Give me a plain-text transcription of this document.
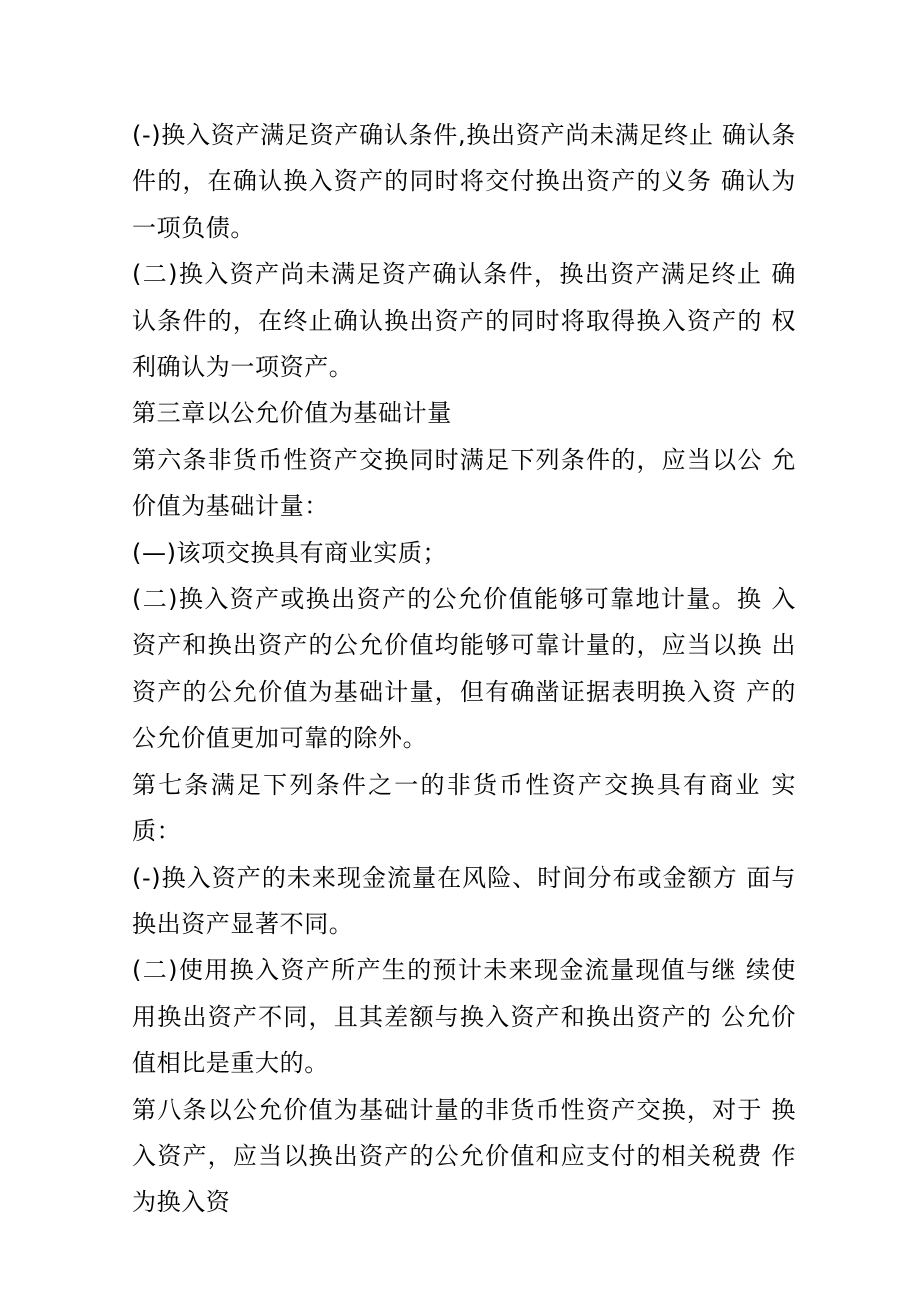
(-)换入资产满足资产确认条件,换出资产尚未满足终止 确认条件的，在确认换入资产的同时将交付换出资产的义务 确认为一项负债。

(二)换入资产尚未满足资产确认条件，换出资产满足终止 确认条件的，在终止确认换出资产的同时将取得换入资产的 权利确认为一项资产。

第三章以公允价值为基础计量

第六条非货币性资产交换同时满足下列条件的，应当以公 允价值为基础计量：

(—)该项交换具有商业实质；

(二)换入资产或换出资产的公允价值能够可靠地计量。换 入资产和换出资产的公允价值均能够可靠计量的，应当以换 出资产的公允价值为基础计量，但有确凿证据表明换入资 产的公允价值更加可靠的除外。

第七条满足下列条件之一的非货币性资产交换具有商业 实质：

(-)换入资产的未来现金流量在风险、时间分布或金额方 面与换出资产显著不同。

(二)使用换入资产所产生的预计未来现金流量现值与继 续使用换出资产不同，且其差额与换入资产和换出资产的 公允价值相比是重大的。

第八条以公允价值为基础计量的非货币性资产交换，对于 换入资产，应当以换出资产的公允价值和应支付的相关税费 作为换入资
